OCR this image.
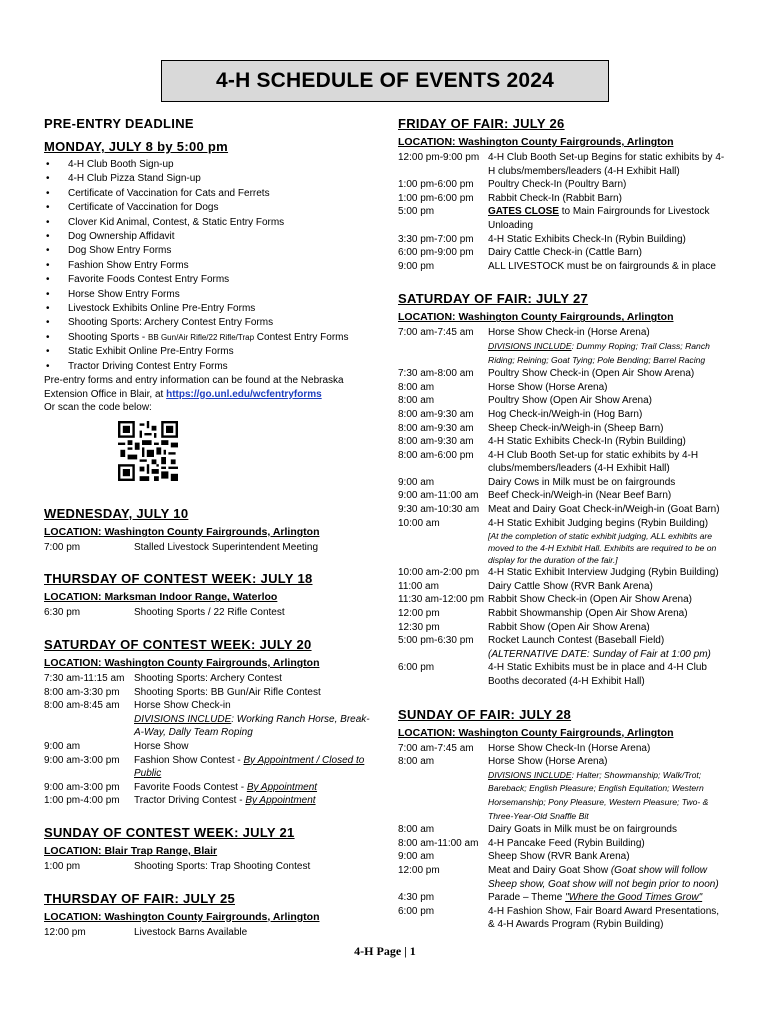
4-H SCHEDULE OF EVENTS 2024

PRE-ENTRY DEADLINE

MONDAY, JULY 8 by 5:00 pm

• 4-H Club Booth Sign-up
• 4-H Club Pizza Stand Sign-up
• Certificate of Vaccination for Cats and Ferrets
• Certificate of Vaccination for Dogs
• Clover Kid Animal, Contest, & Static Entry Forms
• Dog Ownership Affidavit
• Dog Show Entry Forms
• Fashion Show Entry Forms
• Favorite Foods Contest Entry Forms
• Horse Show Entry Forms
• Livestock Exhibits Online Pre-Entry Forms
• Shooting Sports: Archery Contest Entry Forms
• Shooting Sports - BB Gun/Air Rifle/22 Rifle/Trap Contest Entry Forms
• Static Exhibit Online Pre-Entry Forms
• Tractor Driving Contest Entry Forms
Pre-entry forms and entry information can be found at the Nebraska Extension Office in Blair, at https://go.unl.edu/wcfentryforms
Or scan the code below:

WEDNESDAY, JULY 10

LOCATION: Washington County Fairgrounds, Arlington
7:00 pm	Stalled Livestock Superintendent Meeting

THURSDAY OF CONTEST WEEK: JULY 18

LOCATION: Marksman Indoor Range, Waterloo
6:30 pm	Shooting Sports / 22 Rifle Contest

SATURDAY OF CONTEST WEEK: JULY 20

LOCATION: Washington County Fairgrounds, Arlington
7:30 am-11:15 am Shooting Sports: Archery Contest
8:00 am-3:30 pm	Shooting Sports: BB Gun/Air Rifle Contest
8:00 am-8:45 am	Horse Show Check-in
DIVISIONS INCLUDE: Working Ranch Horse, Break-A-Way, Dally Team Roping
9:00 am	Horse Show
9:00 am-3:00 pm	Fashion Show Contest - By Appointment / Closed to Public
9:00 am-3:00 pm	Favorite Foods Contest - By Appointment
1:00 pm-4:00 pm	Tractor Driving Contest - By Appointment

SUNDAY OF CONTEST WEEK: JULY 21

LOCATION: Blair Trap Range, Blair
1:00 pm	Shooting Sports: Trap Shooting Contest

THURSDAY OF FAIR: JULY 25

LOCATION: Washington County Fairgrounds, Arlington
12:00 pm	Livestock Barns Available

FRIDAY OF FAIR: JULY 26

LOCATION: Washington County Fairgrounds, Arlington
12:00 pm-9:00 pm 4-H Club Booth Set-up Begins for static exhibits by 4-H clubs/members/leaders (4-H Exhibit Hall)
1:00 pm-6:00 pm	Poultry Check-In (Poultry Barn)
1:00 pm-6:00 pm	Rabbit Check-In (Rabbit Barn)
5:00 pm	GATES CLOSE to Main Fairgrounds for Livestock Unloading
3:30 pm-7:00 pm	4-H Static Exhibits Check-In (Rybin Building)
6:00 pm-9:00 pm	Dairy Cattle Check-in (Cattle Barn)
9:00 pm	ALL LIVESTOCK must be on fairgrounds & in place

SATURDAY OF FAIR: JULY 27

LOCATION: Washington County Fairgrounds, Arlington
7:00 am-7:45 am	Horse Show Check-in (Horse Arena)
DIVISIONS INCLUDE: Dummy Roping; Trail Class; Ranch Riding; Reining; Goat Tying; Pole Bending; Barrel Racing
7:30 am-8:00 am	Poultry Show Check-in (Open Air Show Arena)
8:00 am	Horse Show (Horse Arena)
8:00 am	Poultry Show (Open Air Show Arena)
8:00 am-9:30 am	Hog Check-in/Weigh-in (Hog Barn)
8:00 am-9:30 am	Sheep Check-in/Weigh-in (Sheep Barn)
8:00 am-9:30 am	4-H Static Exhibits Check-In (Rybin Building)
8:00 am-6:00 pm	4-H Club Booth Set-up for static exhibits by 4-H clubs/members/leaders (4-H Exhibit Hall)
9:00 am	Dairy Cows in Milk must be on fairgrounds
9:00 am-11:00 am Beef Check-in/Weigh-in (Near Beef Barn)
9:30 am-10:30 am Meat and Dairy Goat Check-in/Weigh-in (Goat Barn)
10:00 am	4-H Static Exhibit Judging begins (Rybin Building)
[At the completion of static exhibit judging, ALL exhibits are moved to the 4-H Exhibit Hall. Exhibits are required to be on display for the duration of the fair.]
10:00 am-2:00 pm 4-H Static Exhibit Interview Judging (Rybin Building)
11:00 am	Dairy Cattle Show (RVR Bank Arena)
11:30 am-12:00 pm Rabbit Show Check-in (Open Air Show Arena)
12:00 pm	Rabbit Showmanship (Open Air Show Arena)
12:30 pm	Rabbit Show (Open Air Show Arena)
5:00 pm-6:30 pm	Rocket Launch Contest (Baseball Field)
(ALTERNATIVE DATE: Sunday of Fair at 1:00 pm)
6:00 pm	4-H Static Exhibits must be in place and 4-H Club Booths decorated (4-H Exhibit Hall)

SUNDAY OF FAIR: JULY 28

LOCATION: Washington County Fairgrounds, Arlington
7:00 am-7:45 am	Horse Show Check-In (Horse Arena)
8:00 am	Horse Show (Horse Arena)
DIVISIONS INCLUDE: Halter; Showmanship; Walk/Trot; Bareback; English Pleasure; English Equitation; Western Horsemanship; Pony Pleasure, Western Pleasure; Two- & Three-Year-Old Snaffle Bit
8:00 am	Dairy Goats in Milk must be on fairgrounds
8:00 am-11:00 am 4-H Pancake Feed (Rybin Building)
9:00 am	Sheep Show (RVR Bank Arena)
12:00 pm	Meat and Dairy Goat Show (Goat show will follow Sheep show, Goat show will not begin prior to noon)
4:30 pm	Parade – Theme "Where the Good Times Grow"
6:00 pm	4-H Fashion Show, Fair Board Award Presentations, & 4-H Awards Program (Rybin Building)
4-H Page | 1
